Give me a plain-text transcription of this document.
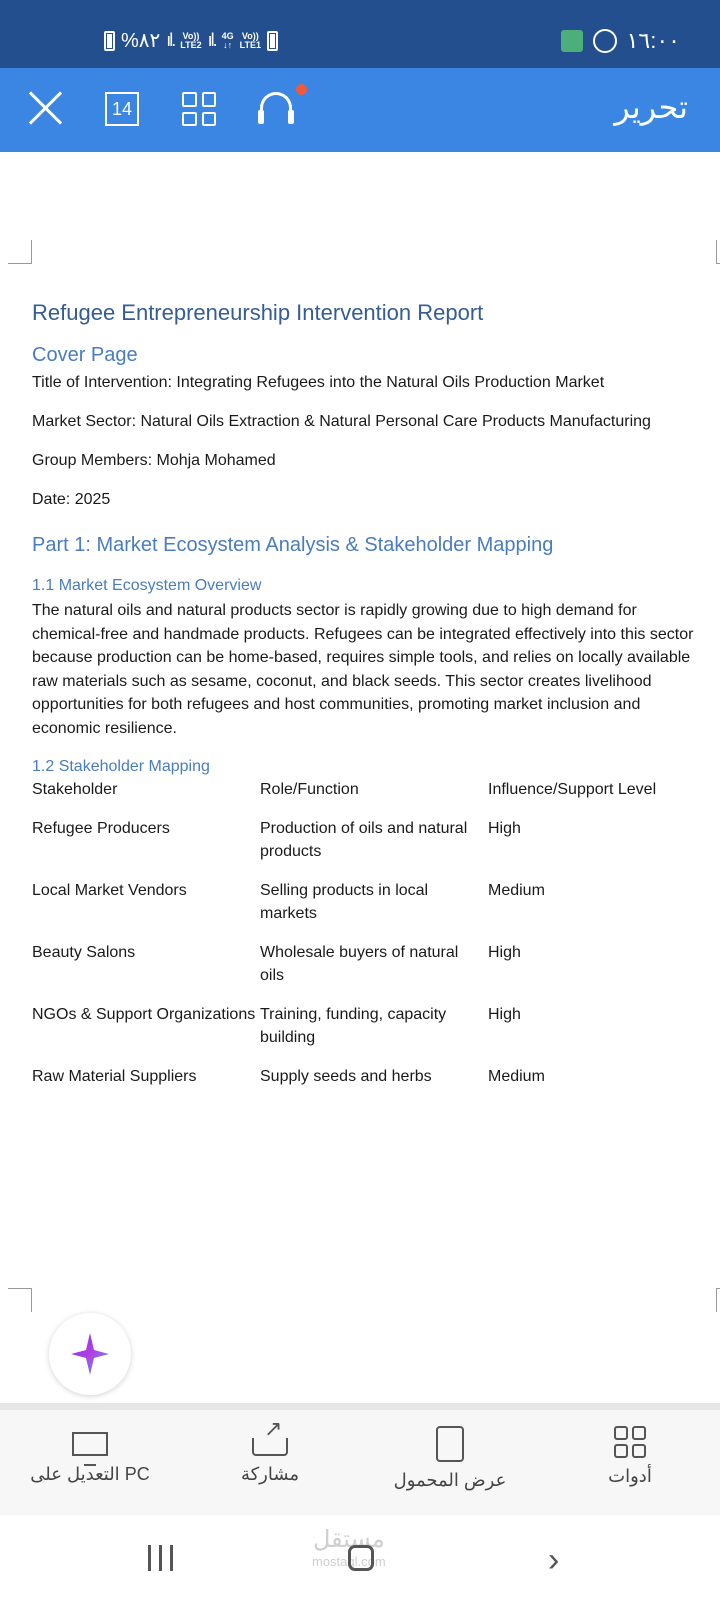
%٨٢ ıl. Vo))
LTE2 ıl. 4G
↓↑
Vo))
LTE1	١٦:٠٠
14	تحرير
Refugee Entrepreneurship Intervention Report
Cover Page
Title of Intervention: Integrating Refugees into the Natural Oils Production Market
Market Sector: Natural Oils Extraction & Natural Personal Care Products Manufacturing
Group Members: Mohja Mohamed
Date: 2025
Part 1: Market Ecosystem Analysis & Stakeholder Mapping
1.1 Market Ecosystem Overview
The natural oils and natural products sector is rapidly growing due to high demand for chemical-free and handmade products. Refugees can be integrated effectively into this sector because production can be home-based, requires simple tools, and relies on locally available raw materials such as sesame, coconut, and black seeds. This sector creates livelihood opportunities for both refugees and host communities, promoting market inclusion and economic resilience.
1.2 Stakeholder Mapping
Stakeholder	Role/Function	Influence/Support Level
Refugee Producers	Production of oils and natural products	High
Local Market Vendors	Selling products in local markets	Medium
Beauty Salons	Wholesale buyers of natural oils	High
NGOs & Support Organizations	Training, funding, capacity building	High
Raw Material Suppliers	Supply seeds and herbs	Medium
التعديل على PC
↗	مشاركة	عرض المحمول	أدوات
مستقل
mostaql.com	›
